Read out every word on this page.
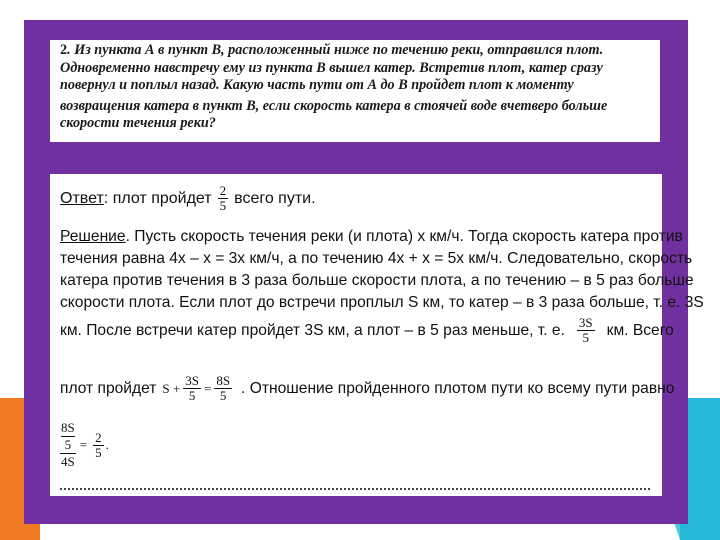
2. Из пункта А в пункт В, расположенный ниже по течению реки, отправился плот.
Одновременно навстречу ему из пункта В вышел катер. Встретив плот, катер сразу
повернул и поплыл назад. Какую часть пути от А до В пройдет плот к моменту
возвращения катера в пункт В, если скорость катера в стоячей воде вчетверо больше
скорости течения реки?
Ответ : плот пройдет $\frac{2}{5}$ всего пути.
Решение. Пусть скорость течения реки (и плота) x км/ч. Тогда скорость катера против
течения равна 4x – x = 3x км/ч, а по течению 4x + x = 5x км/ч. Следовательно, скорость
катера против течения в 3 раза больше скорости плота, а по течению – в 5 раз больше
скорости плота. Если плот до встречи проплыл S км, то катер – в 3 раза больше, т. е. 3S
км. После встречи катер пройдет 3S км, а плот – в 5 раз меньше, т. е. $\frac{3S}{5}$ км. Всего
плот пройдет $S + \frac{3S}{5} = \frac{8S}{5}$ . Отношение пройденного плотом пути ко всему пути равно
$\frac{\frac{8S}{5}}{4S} = \frac{2}{5}$ .
